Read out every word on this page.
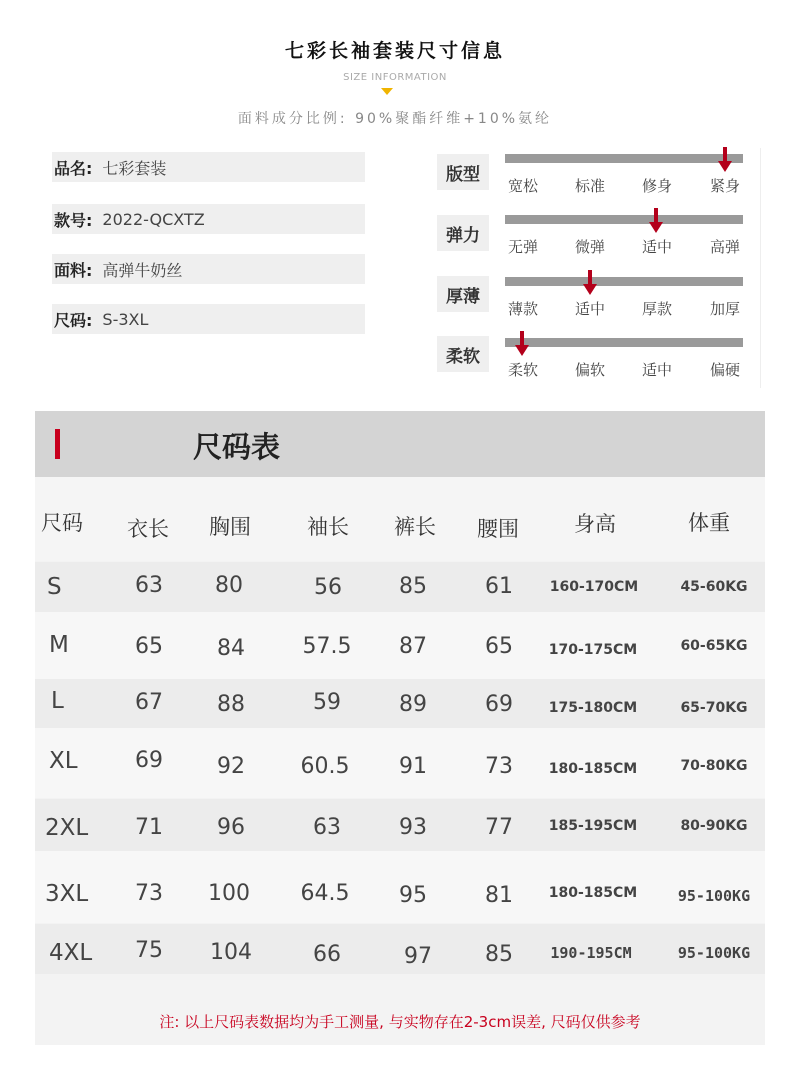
七彩长袖套装尺寸信息
SIZE INFORMATION
面料成分比例: 90%聚酯纤维+10%氨纶
品名: 七彩套装
款号: 2022-QCXTZ
面料: 高弹牛奶丝
尺码: S-3XL
版型
宽松	标准	修身	紧身
弹力
无弹	微弹	适中	高弹
厚薄
薄款	适中	厚款	加厚
柔软
柔软	偏软	适中	偏硬
尺码表
尺码 衣长 胸围	袖长 裤长 腰围	身高	体重
S	63 80	56	85	61	160-170CM	45-60KG
M	65 84	57.5 87	65	170-175CM	60-65KG
L	67 88	59	89	69	175-180CM	65-70KG
XL	69 92	60.5 91	73	180-185CM	70-80KG
2XL 71 96	63	93	77	185-195CM	80-90KG
3XL 73 100 64.5 95	81	180-185CM	95-100KG
4XL 75 104	66	97 85 190-195CM	95-100KG
注: 以上尺码表数据均为手工测量, 与实物存在2-3cm误差, 尺码仅供参考
